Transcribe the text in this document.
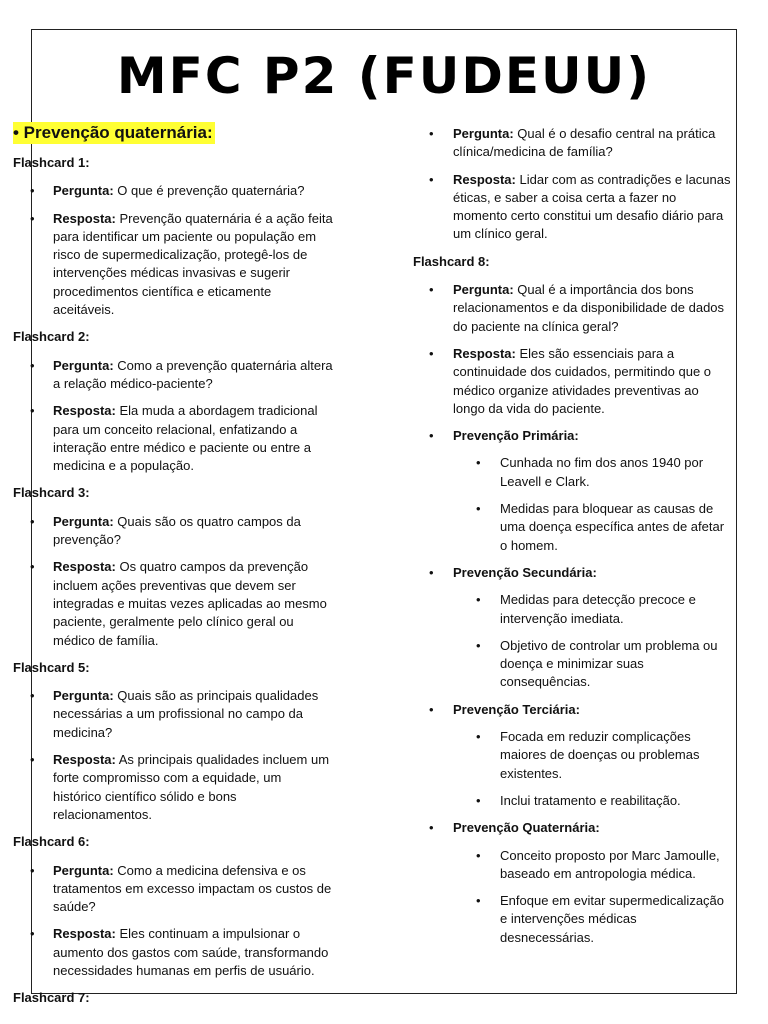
MFC P2 (FUDEUU)
• Prevenção quaternária:
Flashcard 1:
• Pergunta: O que é prevenção quaternária?
• Resposta: Prevenção quaternária é a ação feita para identificar um paciente ou população em risco de supermedicalização, protegê-los de intervenções médicas invasivas e sugerir procedimentos científica e eticamente aceitáveis.
Flashcard 2:
• Pergunta: Como a prevenção quaternária altera a relação médico-paciente?
• Resposta: Ela muda a abordagem tradicional para um conceito relacional, enfatizando a interação entre médico e paciente ou entre a medicina e a população.
Flashcard 3:
• Pergunta: Quais são os quatro campos da prevenção?
• Resposta: Os quatro campos da prevenção incluem ações preventivas que devem ser integradas e muitas vezes aplicadas ao mesmo paciente, geralmente pelo clínico geral ou médico de família.
Flashcard 5:
• Pergunta: Quais são as principais qualidades necessárias a um profissional no campo da medicina?
• Resposta: As principais qualidades incluem um forte compromisso com a equidade, um histórico científico sólido e bons relacionamentos.
Flashcard 6:
• Pergunta: Como a medicina defensiva e os tratamentos em excesso impactam os custos de saúde?
• Resposta: Eles continuam a impulsionar o aumento dos gastos com saúde, transformando necessidades humanas em perfis de usuário.
Flashcard 7:
• Pergunta: Qual é o desafio central na prática clínica/medicina de família?
• Resposta: Lidar com as contradições e lacunas éticas, e saber a coisa certa a fazer no momento certo constitui um desafio diário para um clínico geral.
Flashcard 8:
• Pergunta: Qual é a importância dos bons relacionamentos e da disponibilidade de dados do paciente na clínica geral?
• Resposta: Eles são essenciais para a continuidade dos cuidados, permitindo que o médico organize atividades preventivas ao longo da vida do paciente.
• Prevenção Primária:
• Cunhada no fim dos anos 1940 por Leavell e Clark.
• Medidas para bloquear as causas de uma doença específica antes de afetar o homem.
• Prevenção Secundária:
• Medidas para detecção precoce e intervenção imediata.
• Objetivo de controlar um problema ou doença e minimizar suas consequências.
• Prevenção Terciária:
• Focada em reduzir complicações maiores de doenças ou problemas existentes.
• Inclui tratamento e reabilitação.
• Prevenção Quaternária:
• Conceito proposto por Marc Jamoulle, baseado em antropologia médica.
• Enfoque em evitar supermedicalização e intervenções médicas desnecessárias.
